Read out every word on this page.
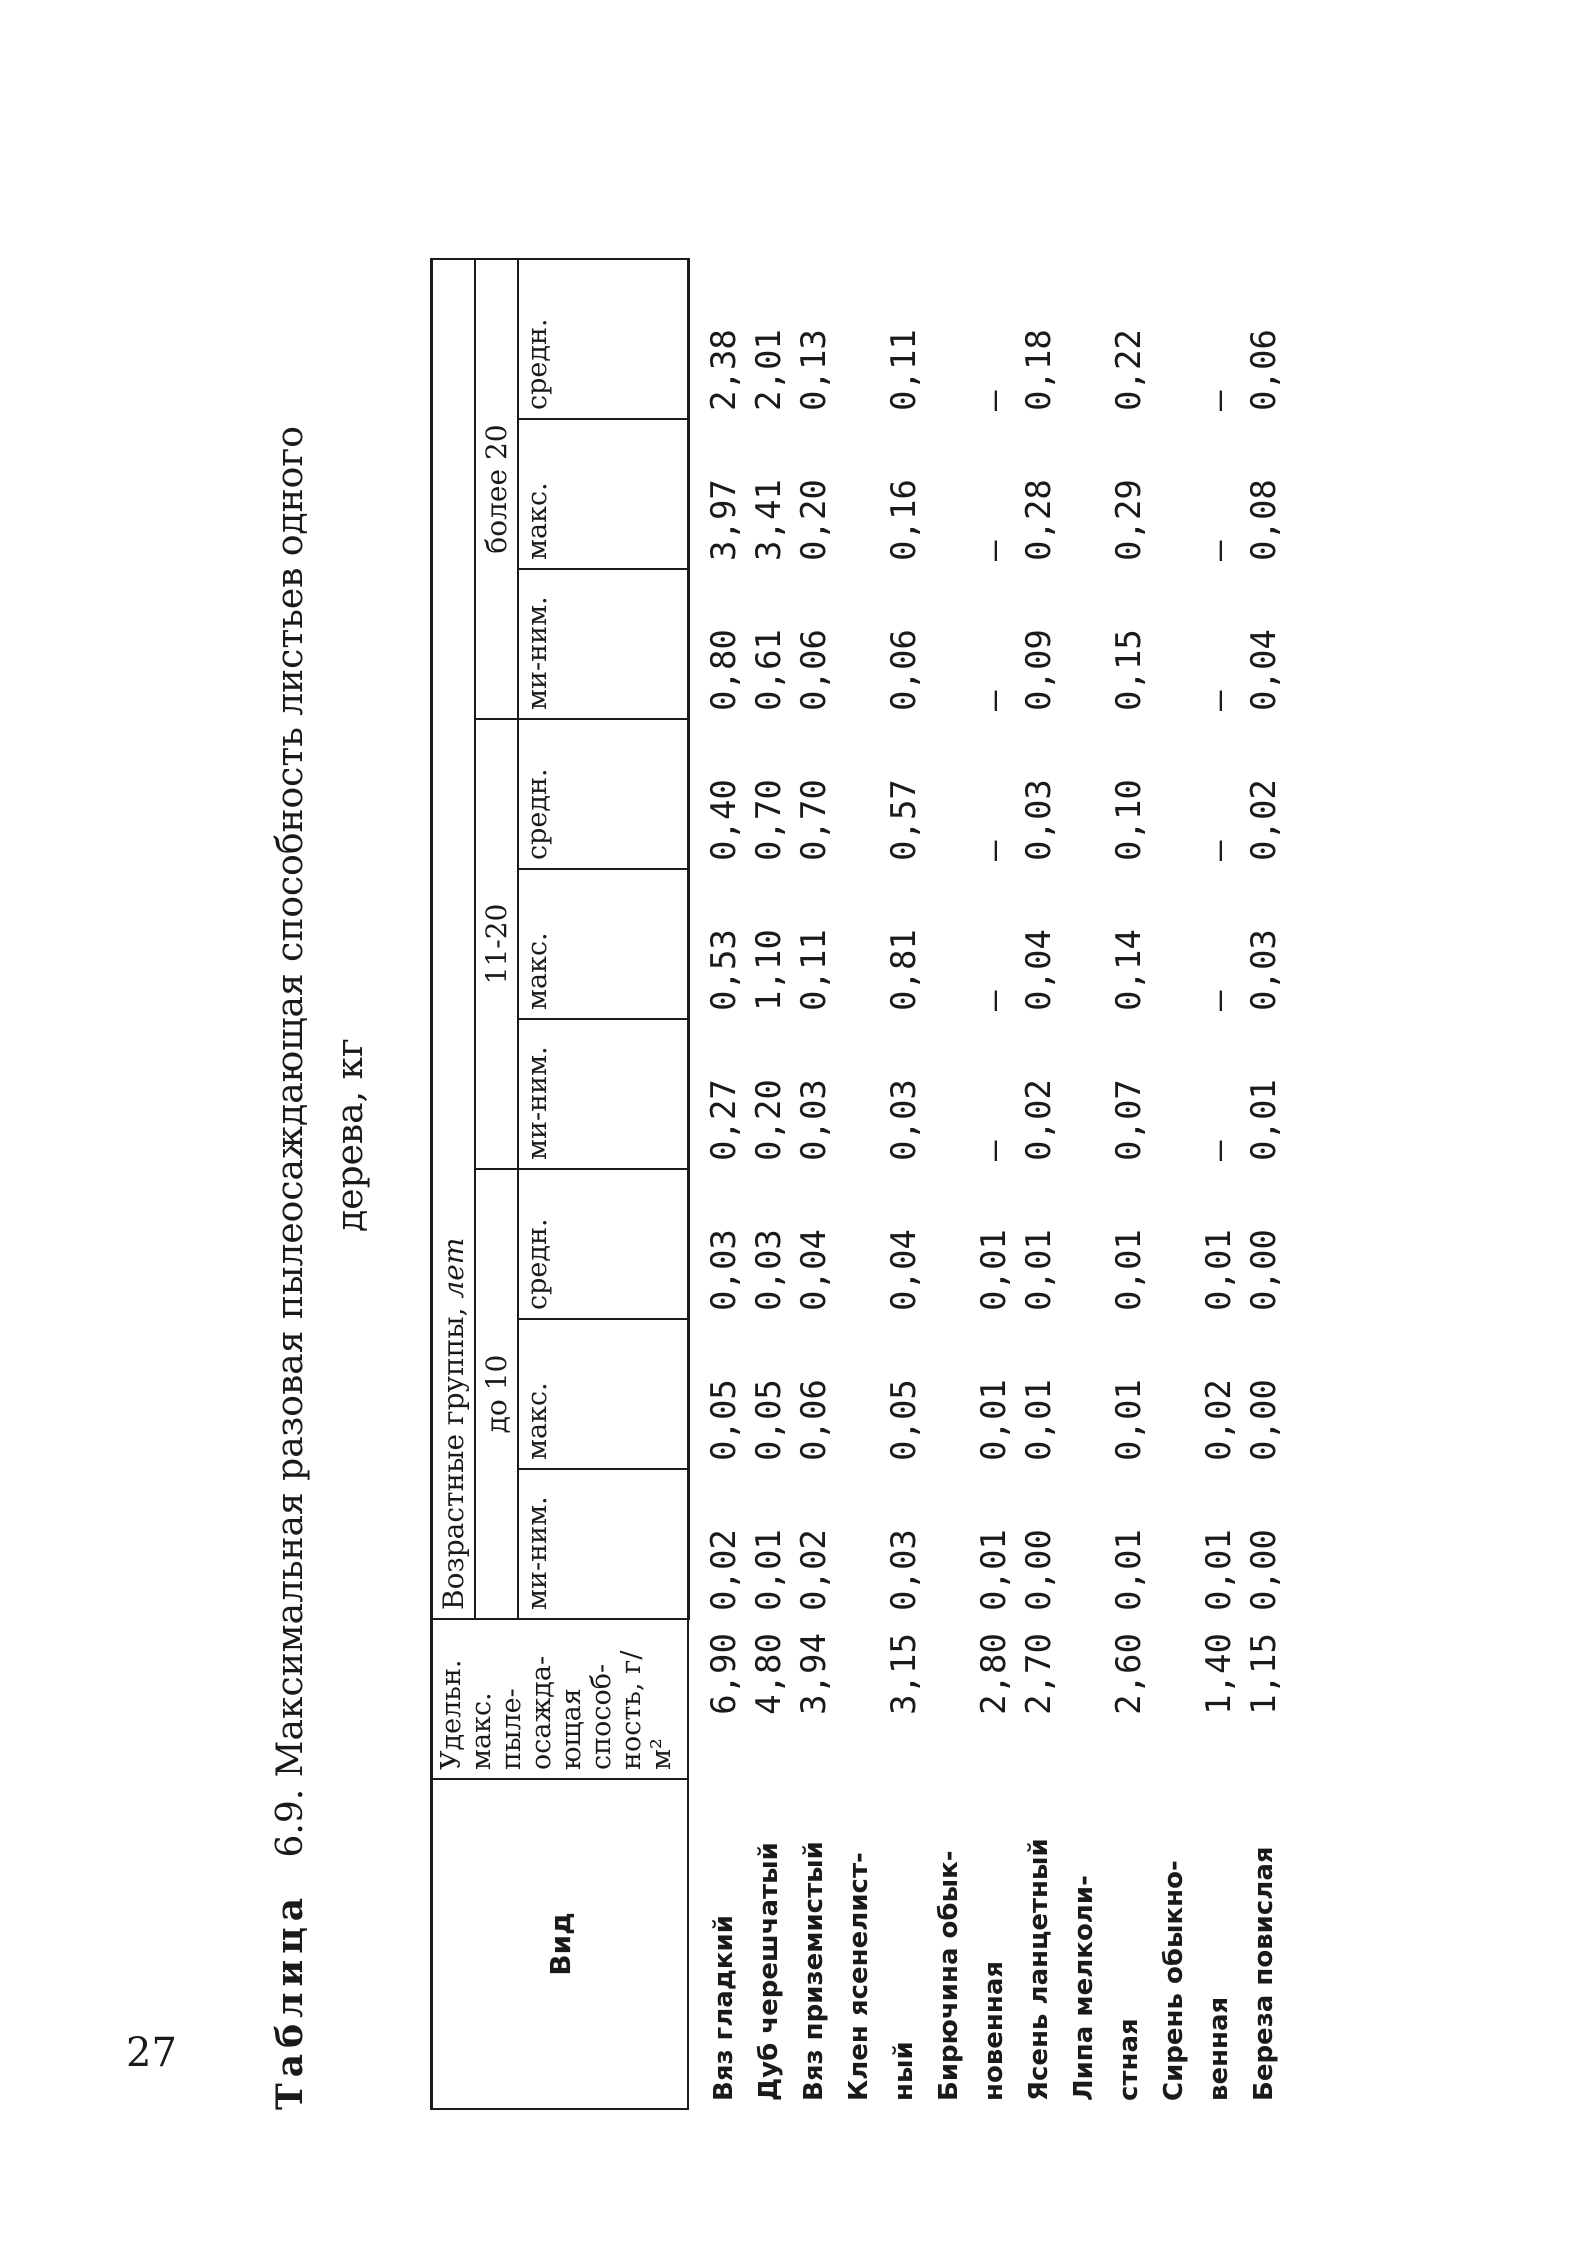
27	Таблица   6.9. Максимальная разовая пылеосаждающая способность листьев одного дерева, кг
Вид	Удельн. макс. пыле-осажда-ющая способ-ность, г/м²	Возрастные группы, лет								
		до 10			11-20			более 20		
		ми-ним.	макс.	средн.	ми-ним.	макс.	средн.	ми-ним.	макс.	средн.
Вяз гладкий	6,90	0,02	0,05	0,03	0,27	0,53	0,40	0,80	3,97	2,38
Дуб черешчатый	4,80	0,01	0,05	0,03	0,20	1,10	0,70	0,61	3,41	2,01
Вяз приземистый	3,94	0,02	0,06	0,04	0,03	0,11	0,70	0,06	0,20	0,13
Клен ясенелист-										
ный	3,15	0,03	0,05	0,04	0,03	0,81	0,57	0,06	0,16	0,11
Бирючина обык-										
новенная	2,80	0,01	0,01	0,01	–	–	–	–	–	–
Ясень ланцетный	2,70	0,00	0,01	0,01	0,02	0,04	0,03	0,09	0,28	0,18
Липа мелколи-										
стная	2,60	0,01	0,01	0,01	0,07	0,14	0,10	0,15	0,29	0,22
Сирень обыкно-										
венная	1,40	0,01	0,02	0,01	–	–	–	–	–	–
Береза повислая	1,15	0,00	0,00	0,00	0,01	0,03	0,02	0,04	0,08	0,06
